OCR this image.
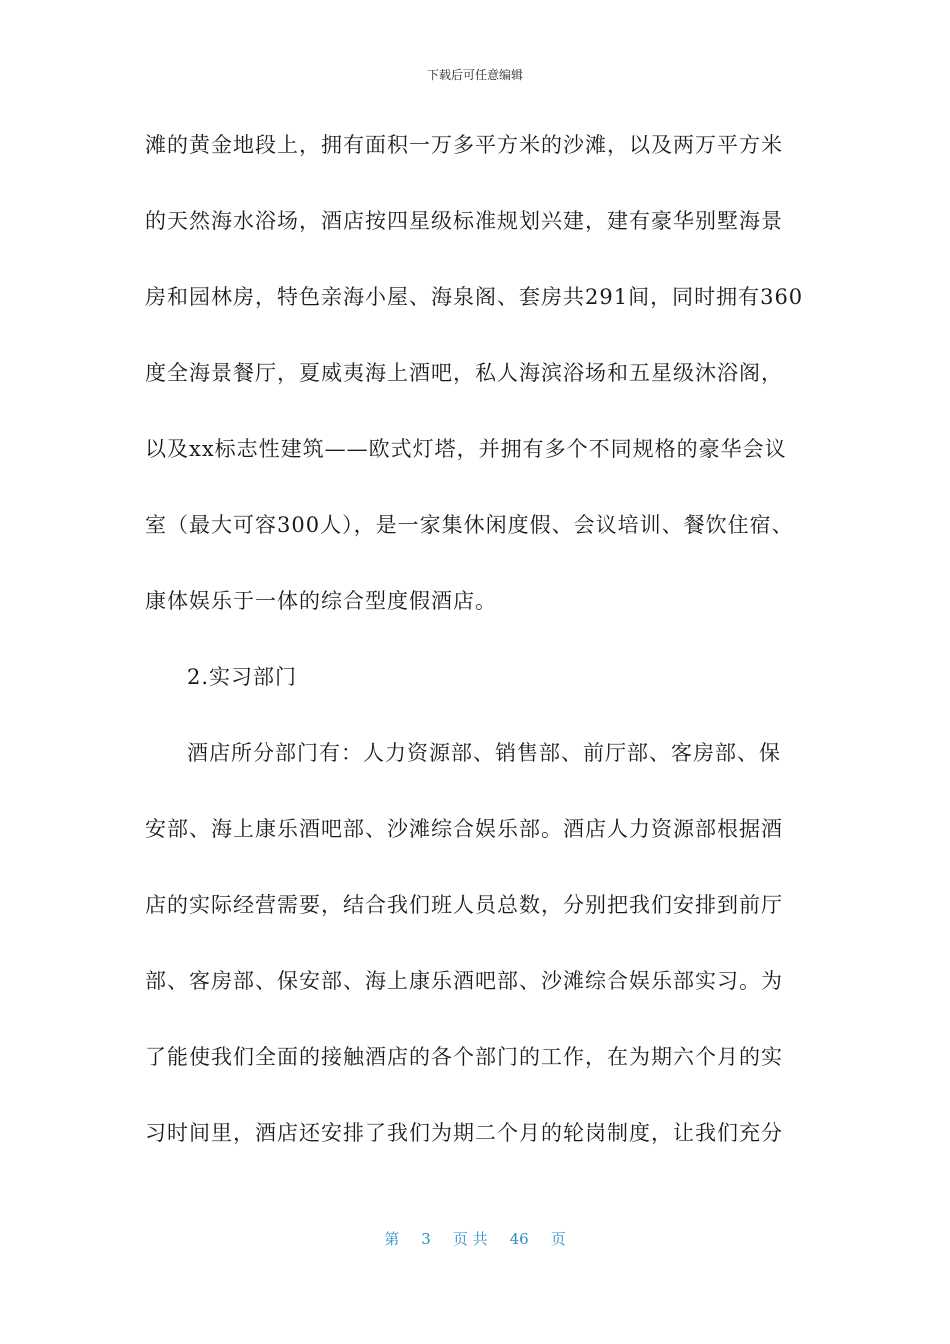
下载后可任意编辑
滩的黄金地段上，拥有面积一万多平方米的沙滩，以及两万平方米
的天然海水浴场，酒店按四星级标准规划兴建，建有豪华别墅海景
房和园林房，特色亲海小屋、海泉阁、套房共291间，同时拥有360
度全海景餐厅，夏威夷海上酒吧，私人海滨浴场和五星级沐浴阁，
以及xx标志性建筑——欧式灯塔，并拥有多个不同规格的豪华会议
室（最大可容300人），是一家集休闲度假、会议培训、餐饮住宿、
康体娱乐于一体的综合型度假酒店。
2.实习部门
酒店所分部门有：人力资源部、销售部、前厅部、客房部、保
安部、海上康乐酒吧部、沙滩综合娱乐部。酒店人力资源部根据酒
店的实际经营需要，结合我们班人员总数，分别把我们安排到前厅
部、客房部、保安部、海上康乐酒吧部、沙滩综合娱乐部实习。为
了能使我们全面的接触酒店的各个部门的工作，在为期六个月的实
习时间里，酒店还安排了我们为期二个月的轮岗制度，让我们充分
第 3 页 共 46 页
